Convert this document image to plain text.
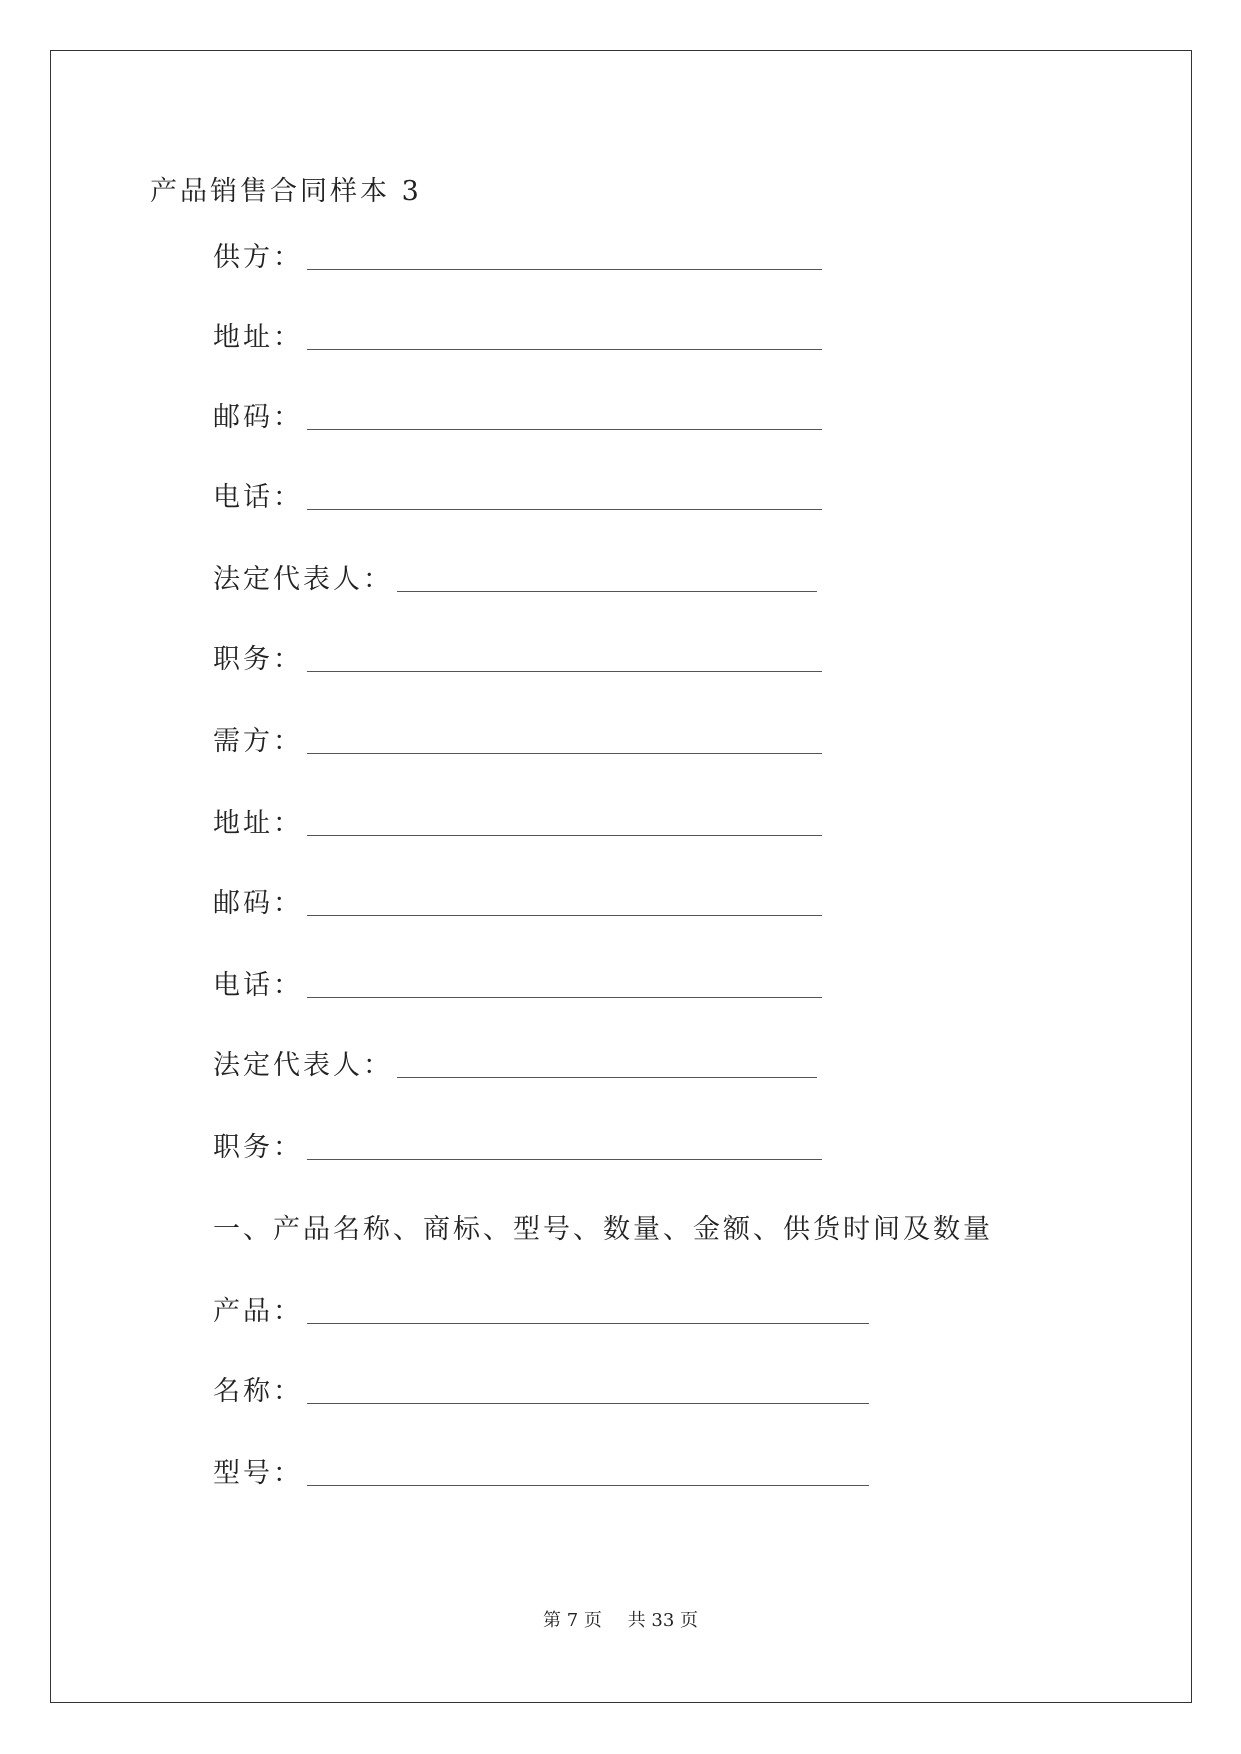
产品销售合同样本 3
供方：
地址：
邮码：
电话：
法定代表人：
职务：
需方：
地址：
邮码：
电话：
法定代表人：
职务：
一、产品名称、商标、型号、数量、金额、供货时间及数量
产品：
名称：
型号：
第 7 页 共 33 页
